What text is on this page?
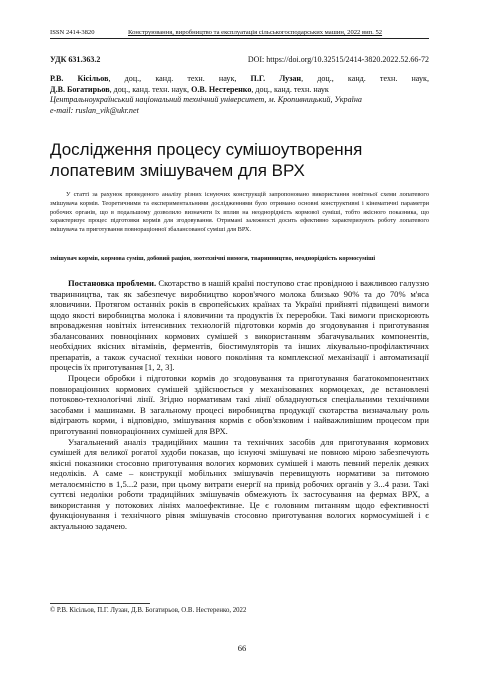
ISSN 2414-3820	Конструювання, виробництво та експлуатація сільськогосподарських машин, 2022 вип. 52
УДК 631.363.2	DOI: https://doi.org/10.32515/2414-3820.2022.52.66-72
Р.В. Кісільов, доц., канд. техн. наук, П.Г. Лузан, доц., канд. техн. наук,
Д.В. Богатирьов, доц., канд. техн. наук, О.В. Нестеренко, доц., канд. техн. наук
Центральноукраїнський національний технічний університет, м. Кропивницький, Україна
e-mail: ruslan_vik@ukr.net
Дослідження процесу сумішоутворення лопатевим змішувачем для ВРХ

У статті за рахунок проведеного аналізу різних існуючих конструкцій запропоновано використання новітньої схеми лопатевого змішувача кормів. Теоретичними та експериментальними дослідженнями було отримано основні конструктивні і кінематичні параметри робочих органів, що в подальшому дозволило визначити їх вплив на неоднорідність кормової суміші, тобто якісного показника, що характеризує процес підготовки кормів для згодовування. Отримані залежності досить ефективно характеризують роботу лопатевого змішувача та приготування повнораціонної збалансованої суміші для ВРХ.

змішувач кормів, кормова суміш, добовий раціон, зоотехнічні вимоги, тваринництво, неоднорідність кормосуміші

Постановка проблеми. Скотарство в нашій країні поступово стає провідною і важливою галуззю тваринництва, так як забезпечує виробництво коров'ячого молока близько 90% та до 70% м'яса яловичини. Протягом останніх років в європейських країнах та Україні прийняті підвищені вимоги щодо якості виробництва молока і яловичини та продуктів їх переробки. Такі вимоги прискорюють впровадження новітніх інтенсивних технологій підготовки кормів до згодовування і приготування збалансованих повноцінних кормових сумішей з використанням збагачувальних компонентів, необхідних якісних вітамінів, ферментів, біостимуляторів та інших лікувально-профілактичних препаратів, а також сучасної техніки нового покоління та комплексної механізації і автоматизації процесів їх приготування [1, 2, 3].

Процеси обробки і підготовки кормів до згодовування та приготування багатокомпонентних повнораціонних кормових сумішей здійснюється у механізованих кормоцехах, де встановлені потоково-технологічні лінії. Згідно нормативам такі лінії обладнуються спеціальними технічними засобами і машинами. В загальному процесі виробництва продукції скотарства визначальну роль відіграють корми, і відповідно, змішування кормів є обов'язковим і найважливішим процесом при приготуванні повнораціонних сумішей для ВРХ.

Узагальнений аналіз традиційних машин та технічних засобів для приготування кормових сумішей для великої рогатої худоби показав, що існуючі змішувачі не повною мірою забезпечують якісні показники стосовно приготування вологих кормових сумішей і мають певний перелік деяких недоліків. А саме – конструкції мобільних змішувачів перевищують нормативи за питомою металоємністю в 1,5...2 рази, при цьому витрати енергії на привід робочих органів у 3...4 рази. Такі суттєві недоліки роботи традиційних змішувачів обмежують їх застосування на фермах ВРХ, а використання у потокових лініях малоефективне. Це є головним питанням щодо ефективності функціонування і технічного рівня змішувачів стосовно приготування вологих кормосумішей і є актуальною задачею.

© Р.В. Кісільов, П.Г. Лузан, Д.В. Богатирьов, О.В. Нестеренко, 2022
66
